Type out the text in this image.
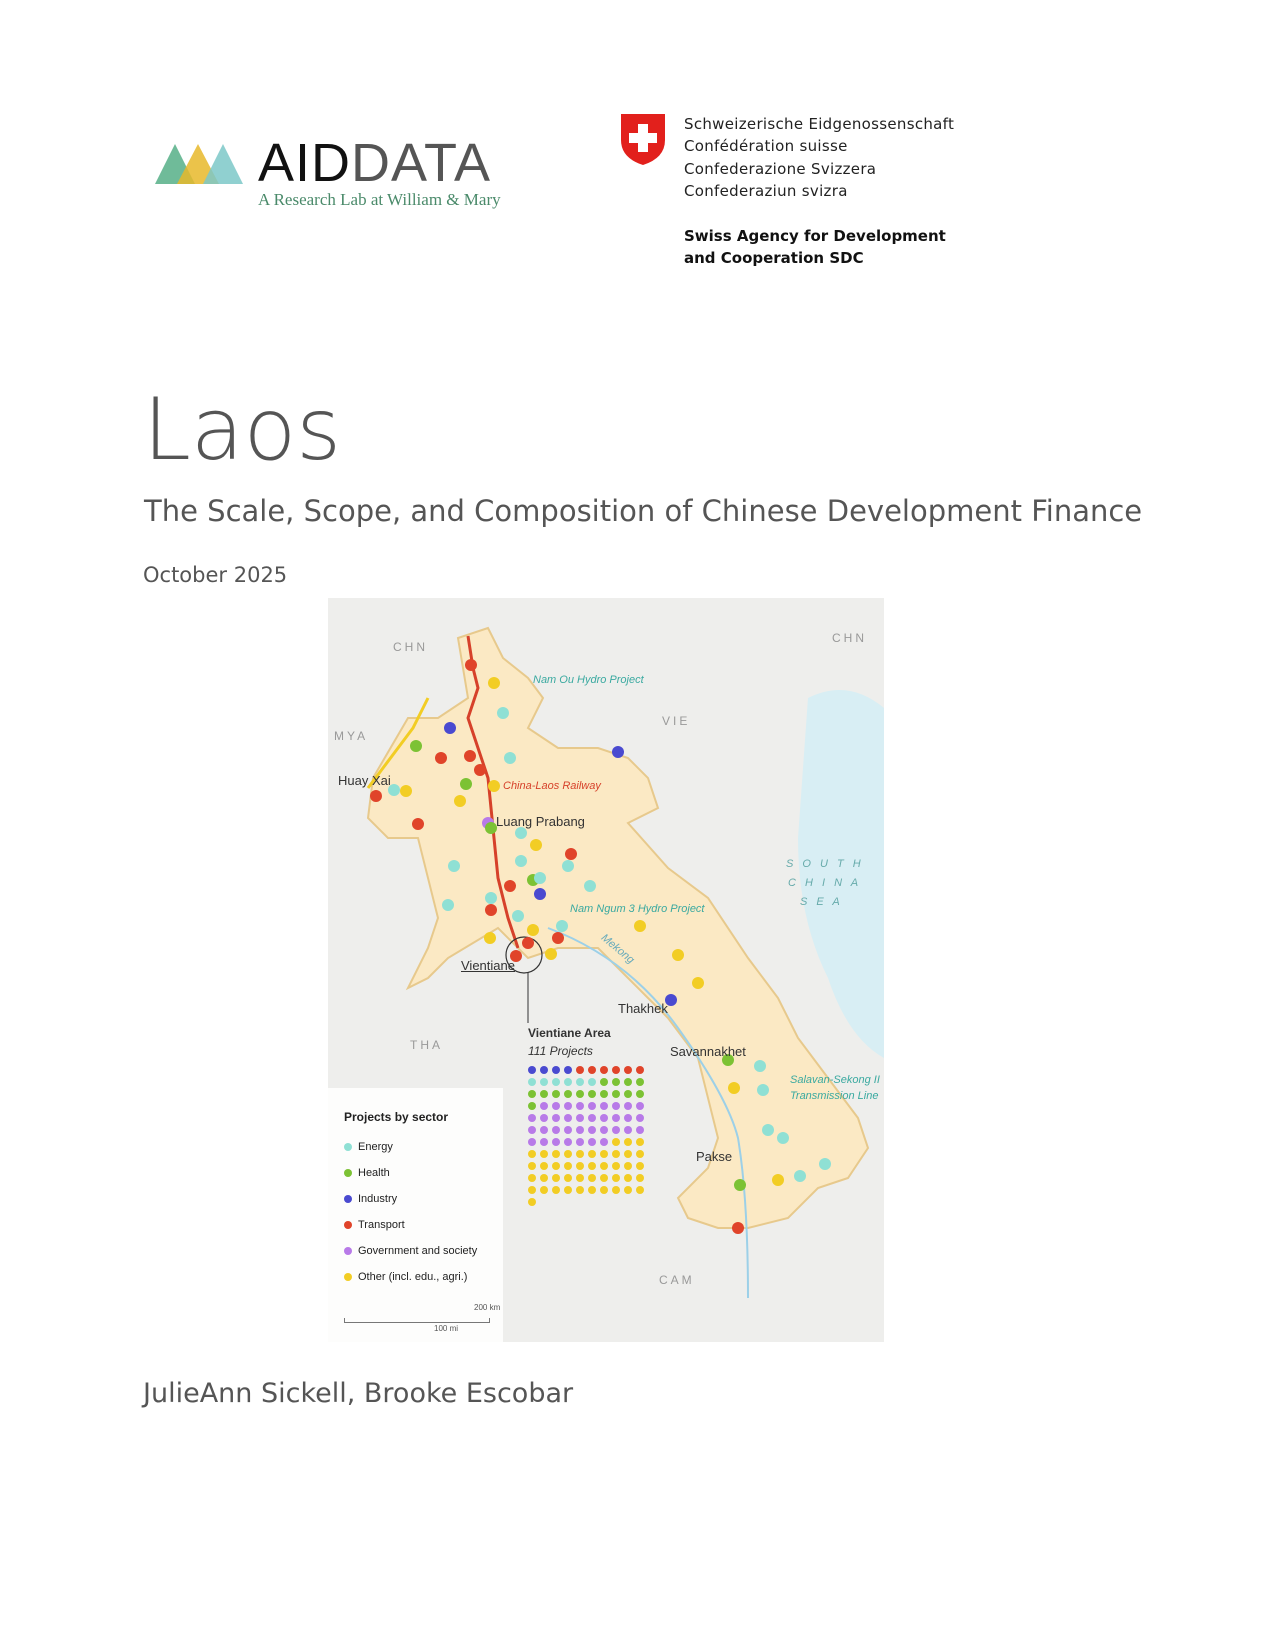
AIDDATA
A Research Lab at William & Mary
Schweizerische Eidgenossenschaft
Confédération suisse
Confederazione Svizzera
Confederaziun svizra
Swiss Agency for Development
and Cooperation SDC
Laos
The Scale, Scope, and Composition of Chinese Development Finance
October 2025
CHN
CHN
MYA
VIE
THA
CAM
S O U T H
C H I N A
S E A
Huay Xai
Luang Prabang
Vientiane
Thakhek
Savannakhet
Pakse
Nam Ou Hydro Project
China-Laos Railway
Nam Ngum 3 Hydro Project
Salavan-Sekong II
Transmission Line
Mekong
Vientiane Area
111 Projects
Projects by sector
Energy
Health
Industry
Transport
Government and society
Other (incl. edu., agri.)
200 km
100 mi
JulieAnn Sickell, Brooke Escobar
